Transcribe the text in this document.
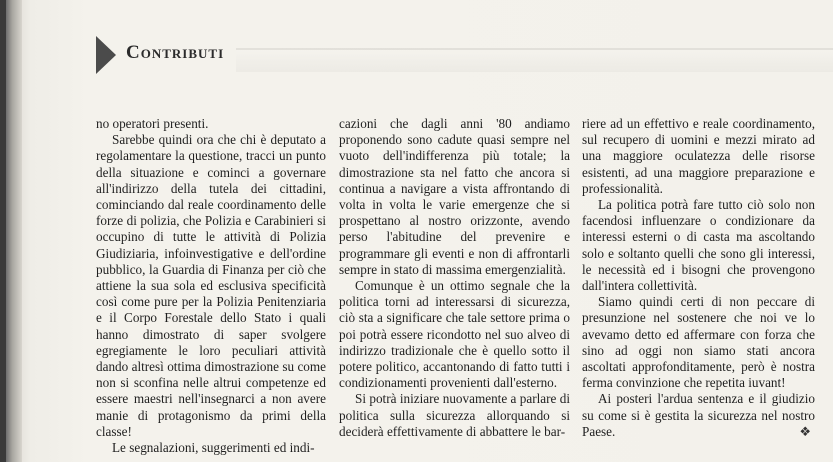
Contributi

no operatori presenti.

Sarebbe quindi ora che chi è deputato a regolamentare la questione, tracci un punto della situazione e cominci a governare all'indirizzo della tutela dei cittadini, cominciando dal reale coordinamento delle forze di polizia, che Polizia e Carabinieri si occupino di tutte le attività di Polizia Giudiziaria, infoinvestigative e dell'ordine pubblico, la Guardia di Finanza per ciò che attiene la sua sola ed esclusiva specificità così come pure per la Polizia Penitenziaria e il Corpo Forestale dello Stato i quali hanno dimostrato di saper svolgere egregiamente le loro peculiari attività dando altresì ottima dimostrazione su come non si sconfina nelle altrui competenze ed essere maestri nell'insegnarci a non avere manie di protagonismo da primi della classe!

Le segnalazioni, suggerimenti ed indi-

cazioni che dagli anni '80 andiamo proponendo sono cadute quasi sempre nel vuoto dell'indifferenza più totale; la dimostrazione sta nel fatto che ancora si continua a navigare a vista affrontando di volta in volta le varie emergenze che si prospettano al nostro orizzonte, avendo perso l'abitudine del prevenire e programmare gli eventi e non di affrontarli sempre in stato di massima emergenzialità.

Comunque è un ottimo segnale che la politica torni ad interessarsi di sicurezza, ciò sta a significare che tale settore prima o poi potrà essere ricondotto nel suo alveo di indirizzo tradizionale che è quello sotto il potere politico, accantonando di fatto tutti i condizionamenti provenienti dall'esterno.

Si potrà iniziare nuovamente a parlare di politica sulla sicurezza allorquando si deciderà effettivamente di abbattere le bar-

riere ad un effettivo e reale coordinamento, sul recupero di uomini e mezzi mirato ad una maggiore oculatezza delle risorse esistenti, ad una maggiore preparazione e professionalità.

La politica potrà fare tutto ciò solo non facendosi influenzare o condizionare da interessi esterni o di casta ma ascoltando solo e soltanto quelli che sono gli interessi, le necessità ed i bisogni che provengono dall'intera collettività.

Siamo quindi certi di non peccare di presunzione nel sostenere che noi ve lo avevamo detto ed affermare con forza che sino ad oggi non siamo stati ancora ascoltati approfonditamente, però è nostra ferma convinzione che repetita iuvant!

Ai posteri l'ardua sentenza e il giudizio su come si è gestita la sicurezza nel nostro Paese.	❖
